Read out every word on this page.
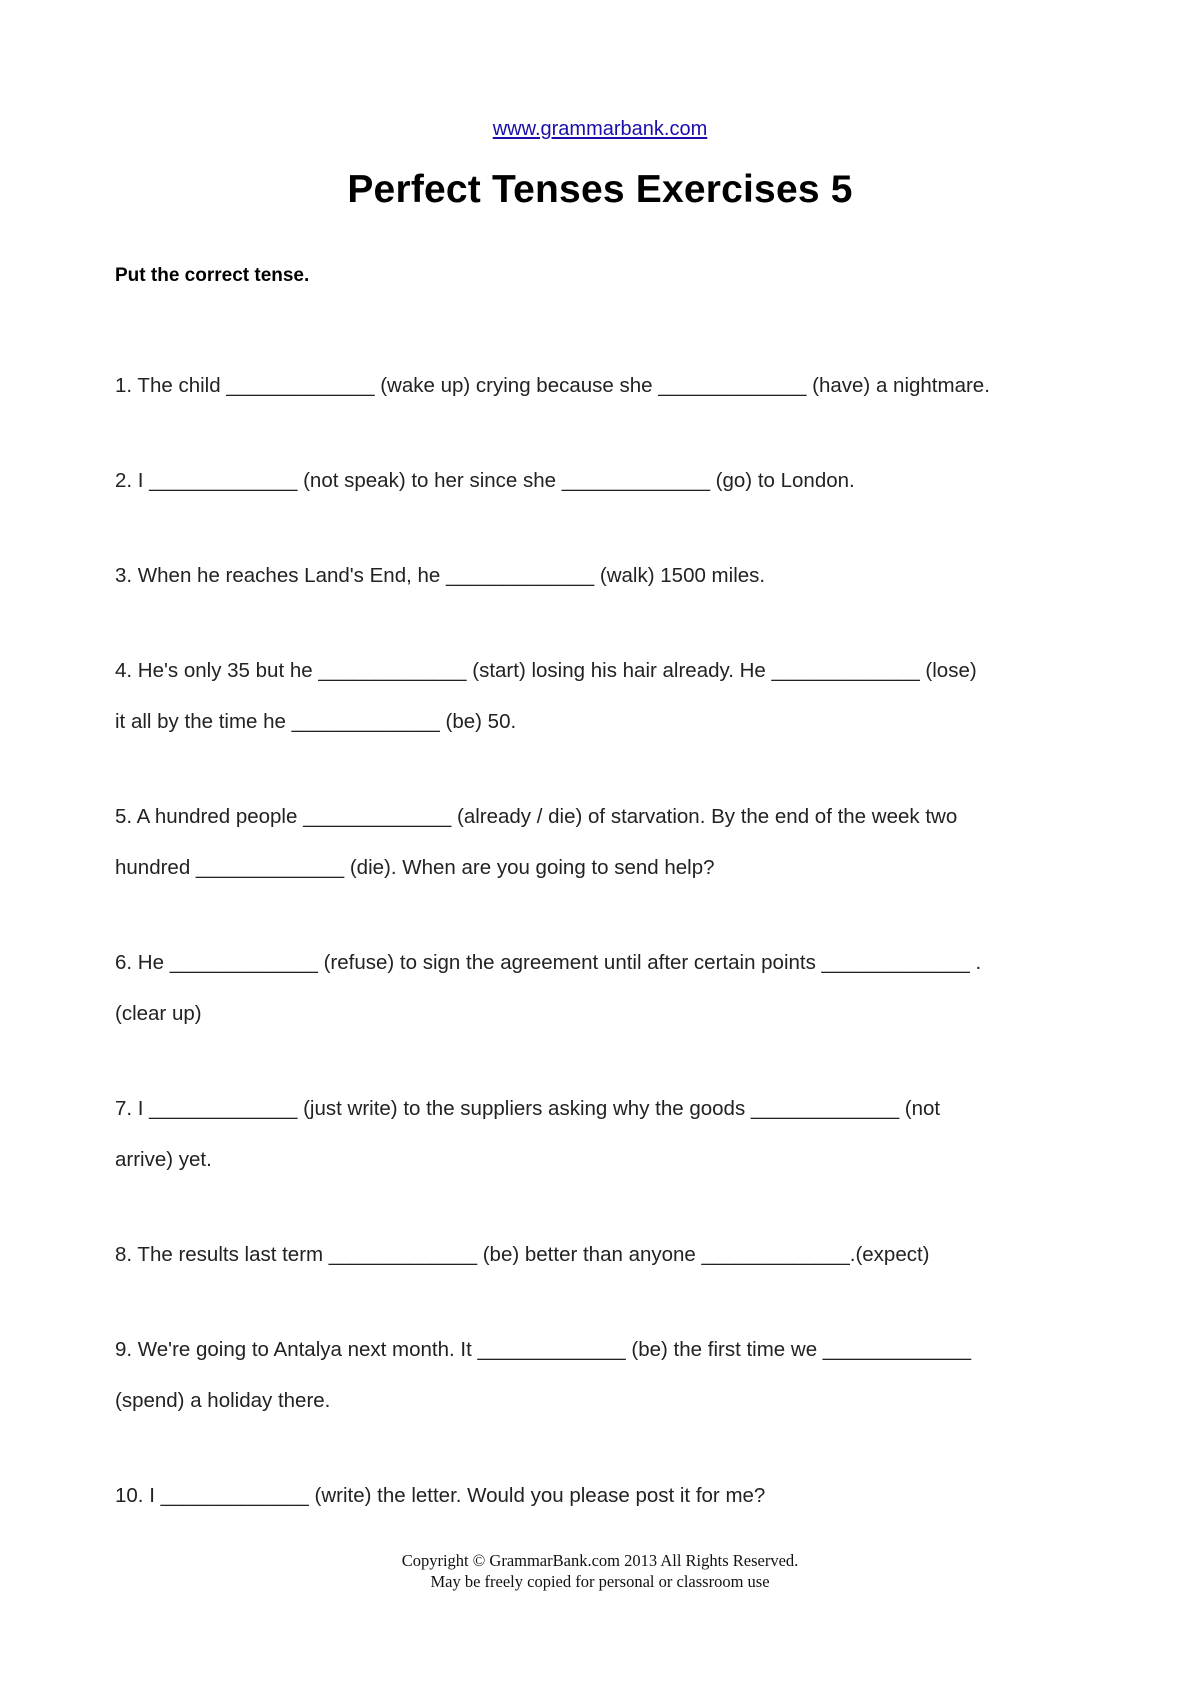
www.grammarbank.com
Perfect Tenses Exercises 5
Put the correct tense.
1. The child _____________ (wake up) crying because she _____________ (have) a nightmare.
2. I _____________ (not speak) to her since she _____________ (go) to London.
3. When he reaches Land's End, he _____________ (walk) 1500 miles.
4. He's only 35 but he _____________ (start) losing his hair already. He _____________ (lose)
it all by the time he _____________ (be) 50.
5. A hundred people _____________ (already / die) of starvation. By the end of the week two
hundred _____________ (die). When are you going to send help?
6. He _____________ (refuse) to sign the agreement until after certain points _____________ .
(clear up)
7. I _____________ (just write) to the suppliers asking why the goods _____________ (not
arrive) yet.
8. The results last term _____________ (be) better than anyone _____________.(expect)
9. We're going to Antalya next month. It _____________ (be) the first time we _____________
(spend) a holiday there.
10. I _____________ (write) the letter. Would you please post it for me?
Copyright © GrammarBank.com 2013 All Rights Reserved.
May be freely copied for personal or classroom use
